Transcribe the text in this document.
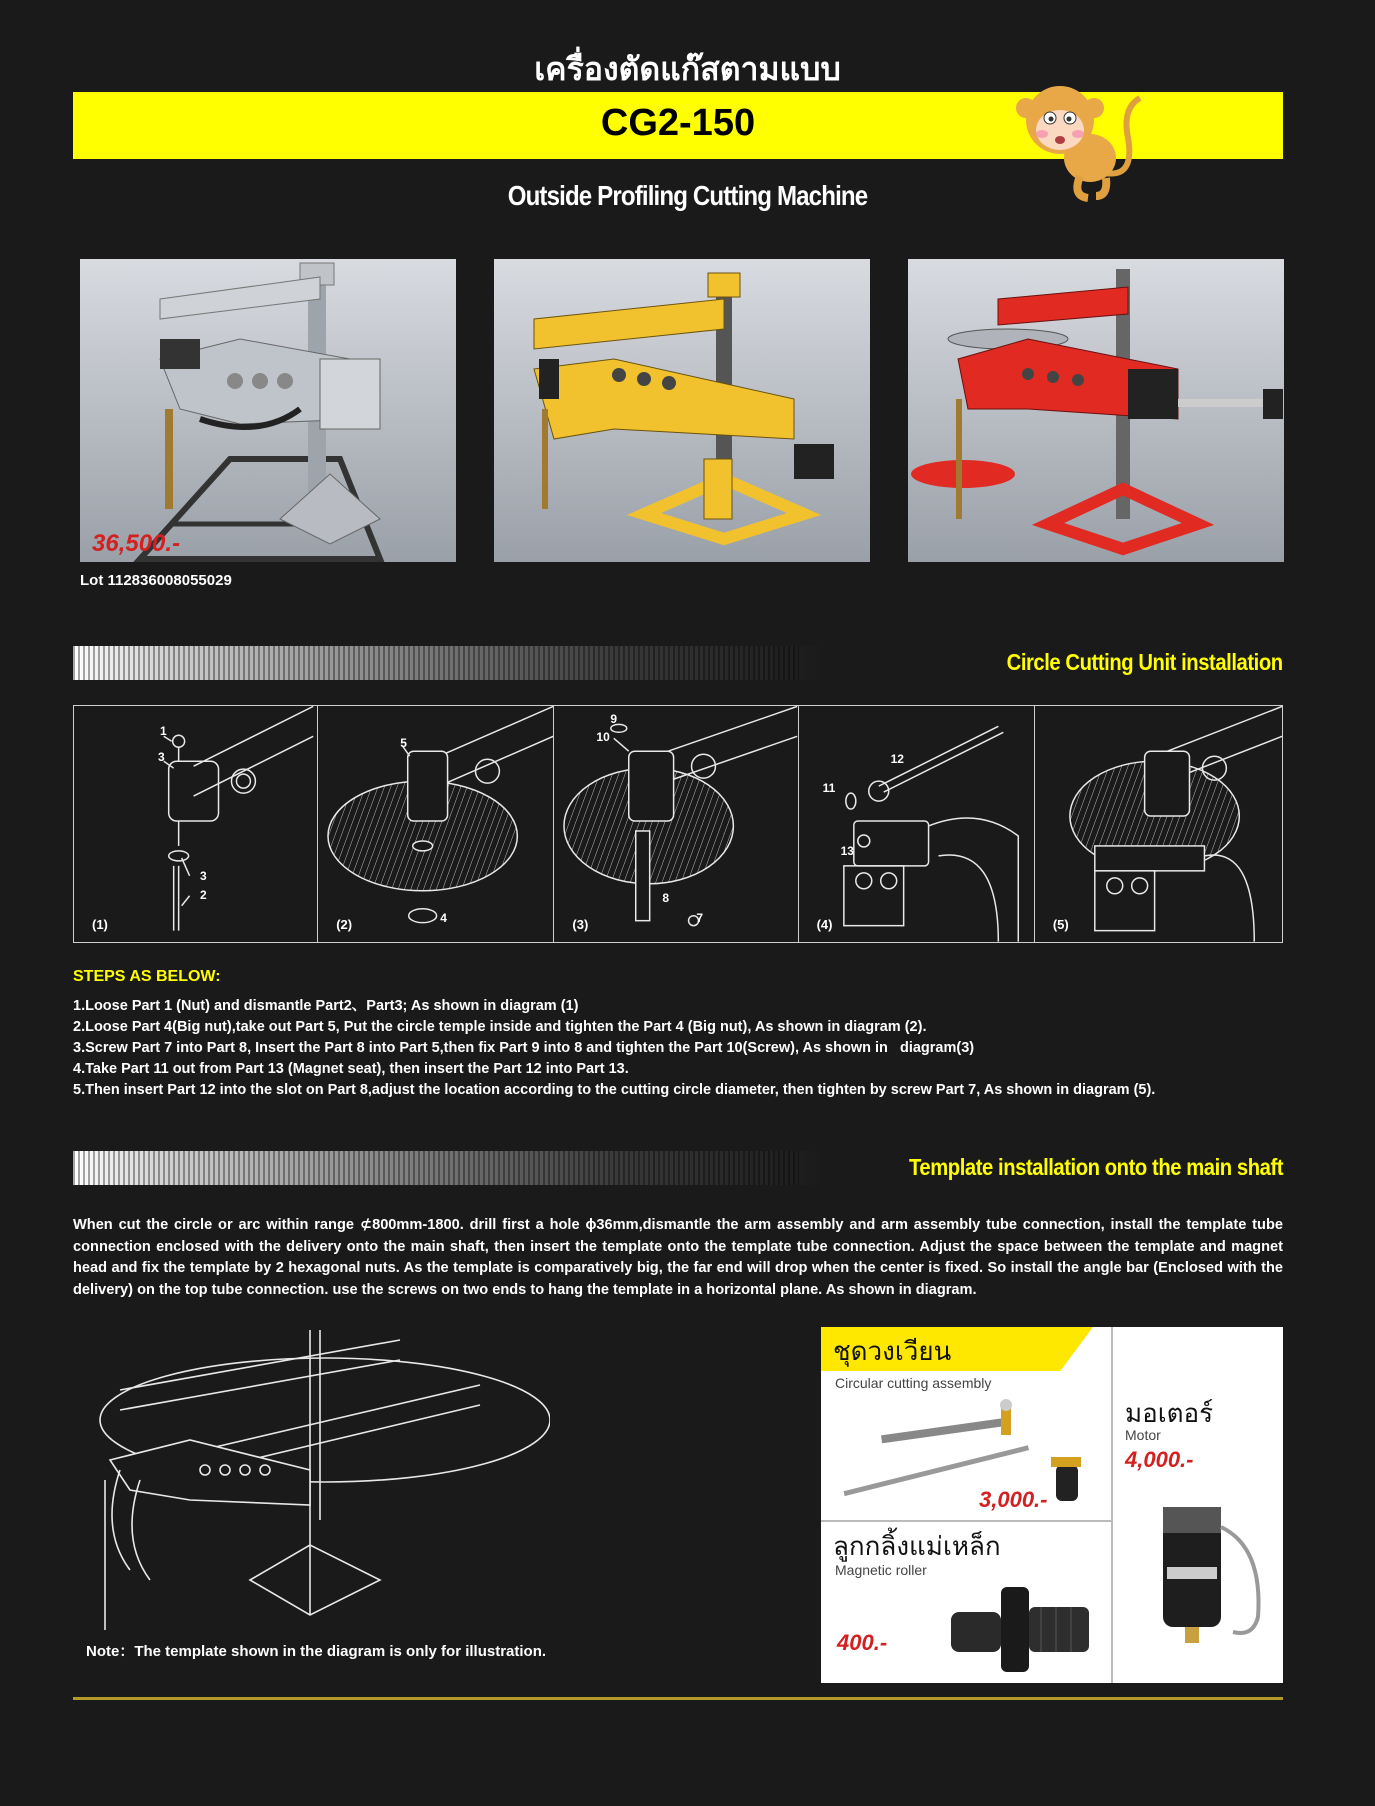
เครื่องตัดแก๊สตามแบบ
CG2-150
Outside Profiling Cutting Machine
36,500.-
Lot 112836008055029
Circle Cutting Unit installation
1
3
3
2
(1)
5
4
(2)
9
10
8
7
(3)
12
11
13
(4)	(5)
STEPS AS BELOW:
1.Loose Part 1 (Nut) and dismantle Part2、Part3; As shown in diagram (1)
2.Loose Part 4(Big nut),take out Part 5, Put the circle temple inside and tighten the Part 4 (Big nut), As shown in diagram (2).
3.Screw Part 7 into Part 8, Insert the Part 8 into Part 5,then fix Part 9 into 8 and tighten the Part 10(Screw), As shown in   diagram(3)
4.Take Part 11 out from Part 13 (Magnet seat), then insert the Part 12 into Part 13.
5.Then insert Part 12 into the slot on Part 8,adjust the location according to the cutting circle diameter, then tighten by screw Part 7, As shown in diagram (5).
Template installation onto the main shaft
When cut the circle or arc within range ⊄800mm-1800. drill first a hole ϕ36mm,dismantle the arm assembly and arm assembly tube connection, install the template tube connection enclosed with the delivery onto the main shaft, then insert the template onto the template tube connection. Adjust the space between the template and magnet head and fix the template by 2 hexagonal nuts. As the template is comparatively big, the far end will drop when the center is fixed. So install the angle bar (Enclosed with the delivery) on the top tube connection. use the screws on two ends to hang the template in a horizontal plane. As shown in diagram.
Note：The template shown in the diagram is only for illustration.
ชุดวงเวียน
Circular cutting assembly
3,000.-
มอเตอร์
Motor
4,000.-
ลูกกลิ้งแม่เหล็ก
Magnetic roller
400.-
